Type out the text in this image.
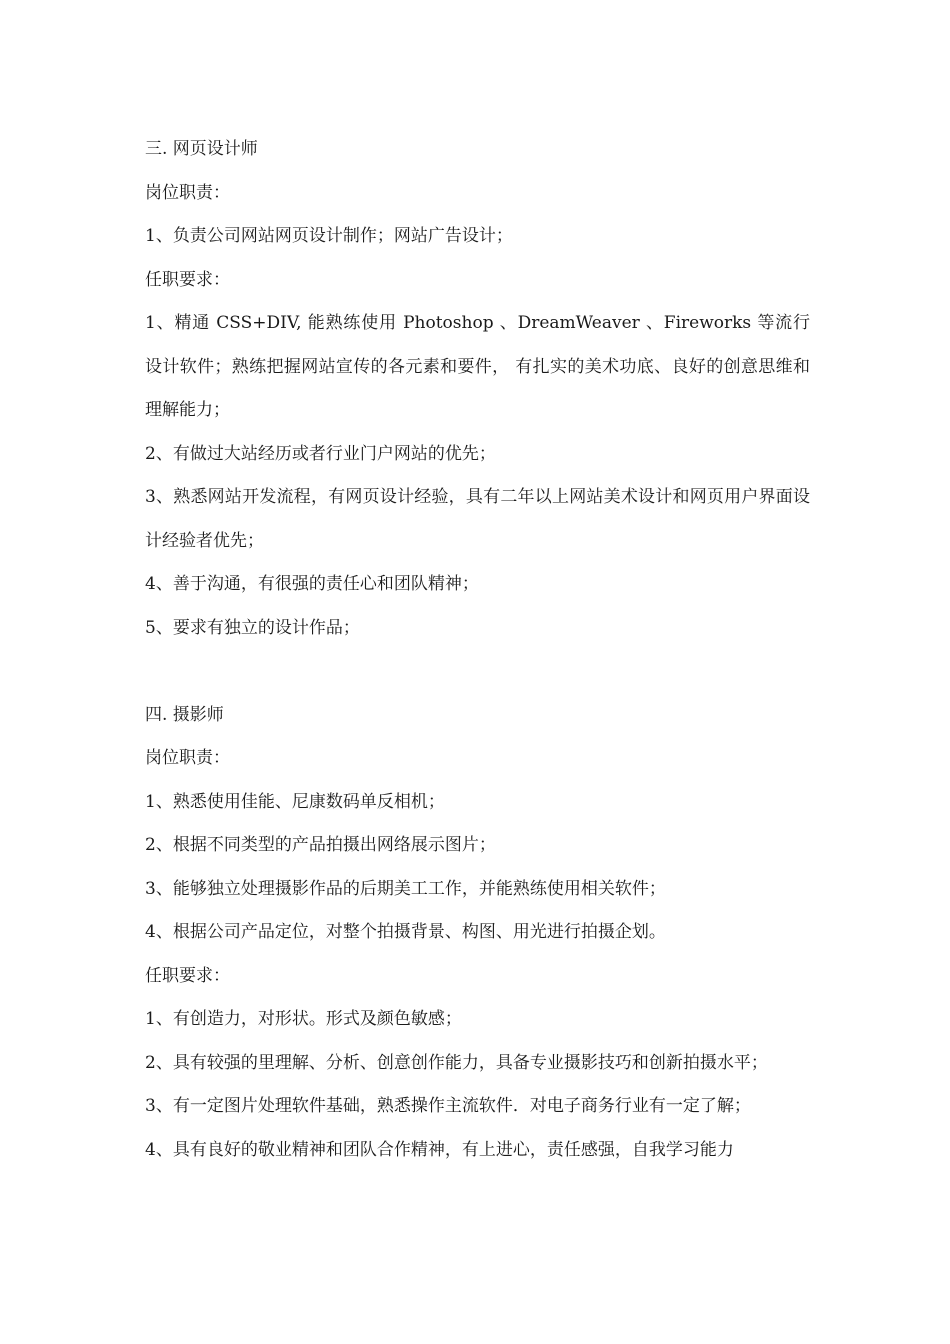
三. 网页设计师

岗位职责：

1、负责公司网站网页设计制作；网站广告设计；

任职要求：

1、精通 CSS+DIV, 能熟练使用 Photoshop 、DreamWeaver 、Fireworks 等流行设计软件；熟练把握网站宣传的各元素和要件， 有扎实的美术功底、良好的创意思维和理解能力；

2、有做过大站经历或者行业门户网站的优先；

3、熟悉网站开发流程，有网页设计经验，具有二年以上网站美术设计和网页用户界面设计经验者优先；

4、善于沟通，有很强的责任心和团队精神；

5、要求有独立的设计作品；

四. 摄影师

岗位职责：

1、熟悉使用佳能、尼康数码单反相机；

2、根据不同类型的产品拍摄出网络展示图片；

3、能够独立处理摄影作品的后期美工工作，并能熟练使用相关软件；

4、根据公司产品定位，对整个拍摄背景、构图、用光进行拍摄企划。

任职要求：

1、有创造力，对形状。形式及颜色敏感；

2、具有较强的里理解、分析、创意创作能力，具备专业摄影技巧和创新拍摄水平；

3、有一定图片处理软件基础，熟悉操作主流软件．对电子商务行业有一定了解；

4、具有良好的敬业精神和团队合作精神，有上进心，责任感强，自我学习能力
